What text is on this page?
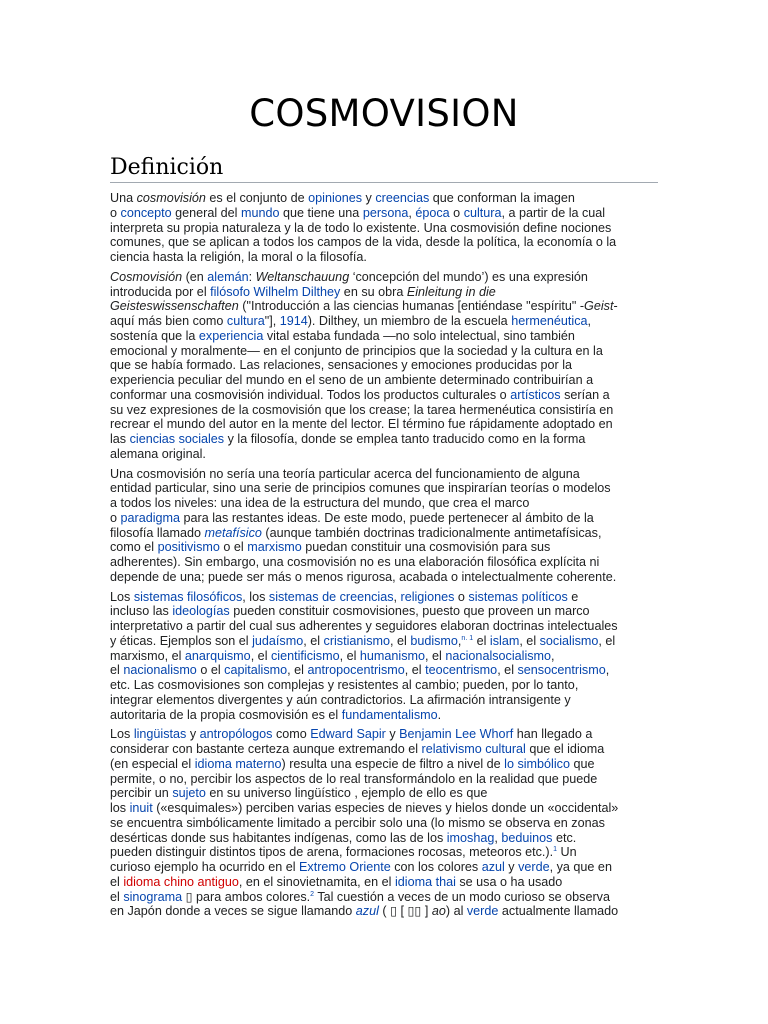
COSMOVISION
Definición

Una cosmovisión es el conjunto de opiniones y creencias que conforman la imagen
o concepto general del mundo que tiene una persona, época o cultura, a partir de la cual
interpreta su propia naturaleza y la de todo lo existente. Una cosmovisión define nociones
comunes, que se aplican a todos los campos de la vida, desde la política, la economía o la
ciencia hasta la religión, la moral o la filosofía.

Cosmovisión (en alemán: Weltanschauung ‘concepción del mundo’) es una expresión
introducida por el filósofo Wilhelm Dilthey en su obra Einleitung in die
Geisteswissenschaften ("Introducción a las ciencias humanas [entiéndase "espíritu" -Geist-
aquí más bien como cultura"], 1914). Dilthey, un miembro de la escuela hermenéutica,
sostenía que la experiencia vital estaba fundada —no solo intelectual, sino también
emocional y moralmente— en el conjunto de principios que la sociedad y la cultura en la
que se había formado. Las relaciones, sensaciones y emociones producidas por la
experiencia peculiar del mundo en el seno de un ambiente determinado contribuirían a
conformar una cosmovisión individual. Todos los productos culturales o artísticos serían a
su vez expresiones de la cosmovisión que los crease; la tarea hermenéutica consistiría en
recrear el mundo del autor en la mente del lector. El término fue rápidamente adoptado en
las ciencias sociales y la filosofía, donde se emplea tanto traducido como en la forma
alemana original.

Una cosmovisión no sería una teoría particular acerca del funcionamiento de alguna
entidad particular, sino una serie de principios comunes que inspirarían teorías o modelos
a todos los niveles: una idea de la estructura del mundo, que crea el marco
o paradigma para las restantes ideas. De este modo, puede pertenecer al ámbito de la
filosofía llamado metafísico (aunque también doctrinas tradicionalmente antimetafísicas,
como el positivismo o el marxismo puedan constituir una cosmovisión para sus
adherentes). Sin embargo, una cosmovisión no es una elaboración filosófica explícita ni
depende de una; puede ser más o menos rigurosa, acabada o intelectualmente coherente.

Los sistemas filosóficos, los sistemas de creencias, religiones o sistemas políticos e
incluso las ideologías pueden constituir cosmovisiones, puesto que proveen un marco
interpretativo a partir del cual sus adherentes y seguidores elaboran doctrinas intelectuales
y éticas. Ejemplos son el judaísmo, el cristianismo, el budismo,$^{n. 1}$ el islam, el socialismo, el
marxismo, el anarquismo, el cientificismo, el humanismo, el nacionalsocialismo,
el nacionalismo o el capitalismo, el antropocentrismo, el teocentrismo, el sensocentrismo,
etc. Las cosmovisiones son complejas y resistentes al cambio; pueden, por lo tanto,
integrar elementos divergentes y aún contradictorios. La afirmación intransigente y
autoritaria de la propia cosmovisión es el fundamentalismo.

Los lingüistas y antropólogos como Edward Sapir y Benjamin Lee Whorf han llegado a
considerar con bastante certeza aunque extremando el relativismo cultural que el idioma
(en especial el idioma materno) resulta una especie de filtro a nivel de lo simbólico que
permite, o no, percibir los aspectos de lo real transformándolo en la realidad que puede
percibir un sujeto en su universo lingüístico , ejemplo de ello es que
los inuit («esquimales») perciben varias especies de nieves y hielos donde un «occidental»
se encuentra simbólicamente limitado a percibir solo una (lo mismo se observa en zonas
desérticas donde sus habitantes indígenas, como las de los imoshag, beduinos etc.
pueden distinguir distintos tipos de arena, formaciones rocosas, meteoros etc.).$^1$ Un
curioso ejemplo ha ocurrido en el Extremo Oriente con los colores azul y verde, ya que en
el idioma chino antiguo, en el sinovietnamita, en el idioma thai se usa o ha usado
el sinograma ▯ para ambos colores.$^2$ Tal cuestión a veces de un modo curioso se observa
en Japón donde a veces se sigue llamando azul ( ▯ [ ▯▯ ] ao) al verde actualmente llamado
